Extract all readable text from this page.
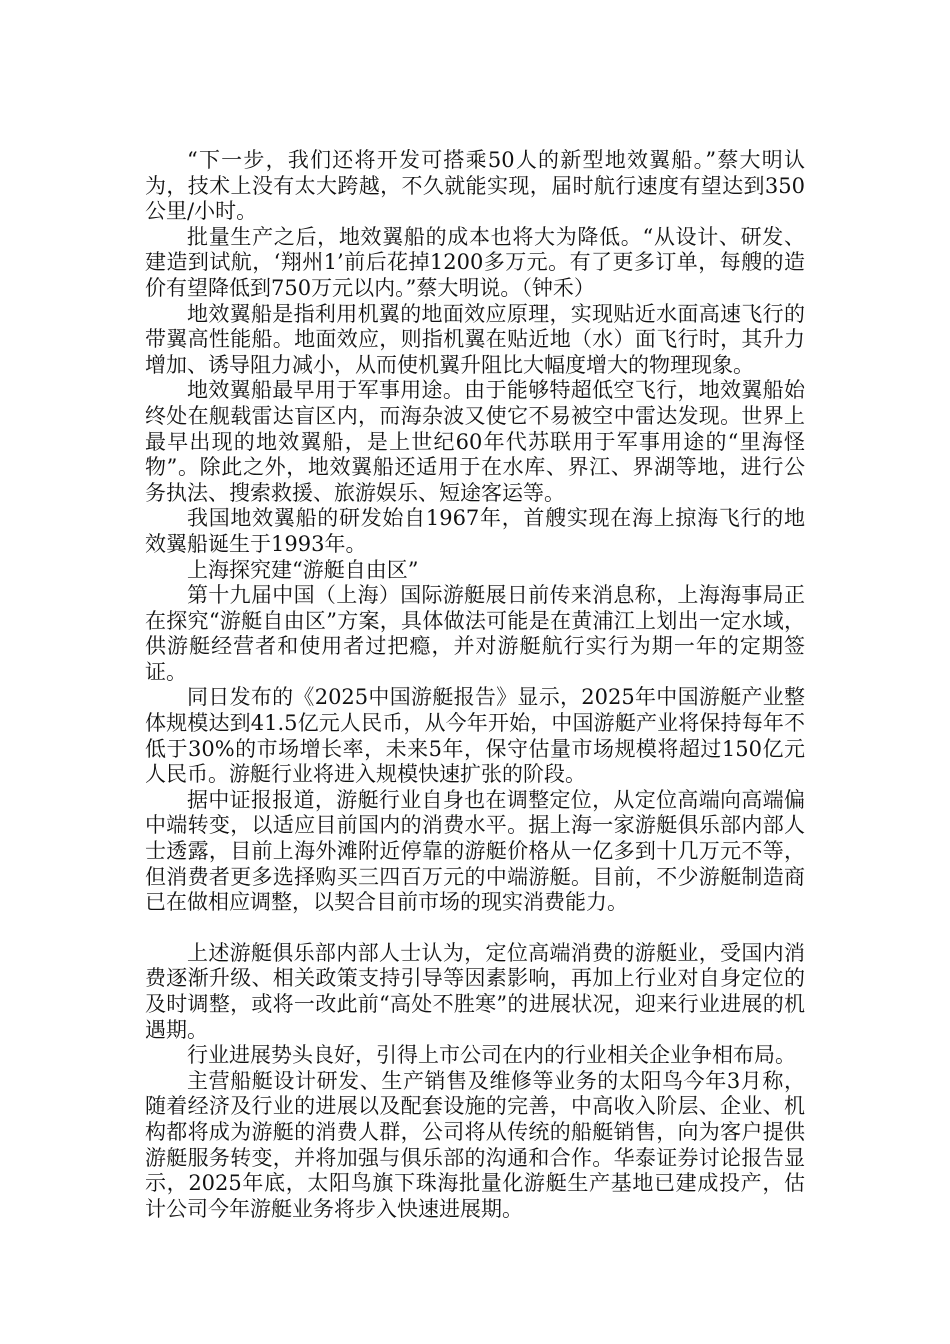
“下一步，我们还将开发可搭乘50人的新型地效翼船。”蔡大明认为，技术上没有太大跨越，不久就能实现，届时航行速度有望达到350公里/小时。

批量生产之后，地效翼船的成本也将大为降低。“从设计、研发、建造到试航，‘翔州1’前后花掉1200多万元。有了更多订单，每艘的造价有望降低到750万元以内。”蔡大明说。（钟禾）

地效翼船是指利用机翼的地面效应原理，实现贴近水面高速飞行的带翼高性能船。地面效应，则指机翼在贴近地（水）面飞行时，其升力增加、诱导阻力减小，从而使机翼升阻比大幅度增大的物理现象。

地效翼船最早用于军事用途。由于能够特超低空飞行，地效翼船始终处在舰载雷达盲区内，而海杂波又使它不易被空中雷达发现。世界上最早出现的地效翼船，是上世纪60年代苏联用于军事用途的“里海怪物”。除此之外，地效翼船还适用于在水库、界江、界湖等地，进行公务执法、搜索救援、旅游娱乐、短途客运等。

我国地效翼船的研发始自1967年，首艘实现在海上掠海飞行的地效翼船诞生于1993年。

上海探究建“游艇自由区”

第十九届中国（上海）国际游艇展日前传来消息称，上海海事局正在探究“游艇自由区”方案，具体做法可能是在黄浦江上划出一定水域，供游艇经营者和使用者过把瘾，并对游艇航行实行为期一年的定期签证。

同日发布的《2025中国游艇报告》显示，2025年中国游艇产业整体规模达到41.5亿元人民币，从今年开始，中国游艇产业将保持每年不低于30%的市场增长率，未来5年，保守估量市场规模将超过150亿元人民币。游艇行业将进入规模快速扩张的阶段。

据中证报报道，游艇行业自身也在调整定位，从定位高端向高端偏中端转变，以适应目前国内的消费水平。据上海一家游艇俱乐部内部人士透露，目前上海外滩附近停靠的游艇价格从一亿多到十几万元不等，但消费者更多选择购买三四百万元的中端游艇。目前，不少游艇制造商已在做相应调整，以契合目前市场的现实消费能力。

上述游艇俱乐部内部人士认为，定位高端消费的游艇业，受国内消费逐渐升级、相关政策支持引导等因素影响，再加上行业对自身定位的及时调整，或将一改此前“高处不胜寒”的进展状况，迎来行业进展的机遇期。

行业进展势头良好，引得上市公司在内的行业相关企业争相布局。

主营船艇设计研发、生产销售及维修等业务的太阳鸟今年3月称，随着经济及行业的进展以及配套设施的完善，中高收入阶层、企业、机构都将成为游艇的消费人群，公司将从传统的船艇销售，向为客户提供游艇服务转变，并将加强与俱乐部的沟通和合作。华泰证券讨论报告显示，2025年底，太阳鸟旗下珠海批量化游艇生产基地已建成投产，估计公司今年游艇业务将步入快速进展期。
